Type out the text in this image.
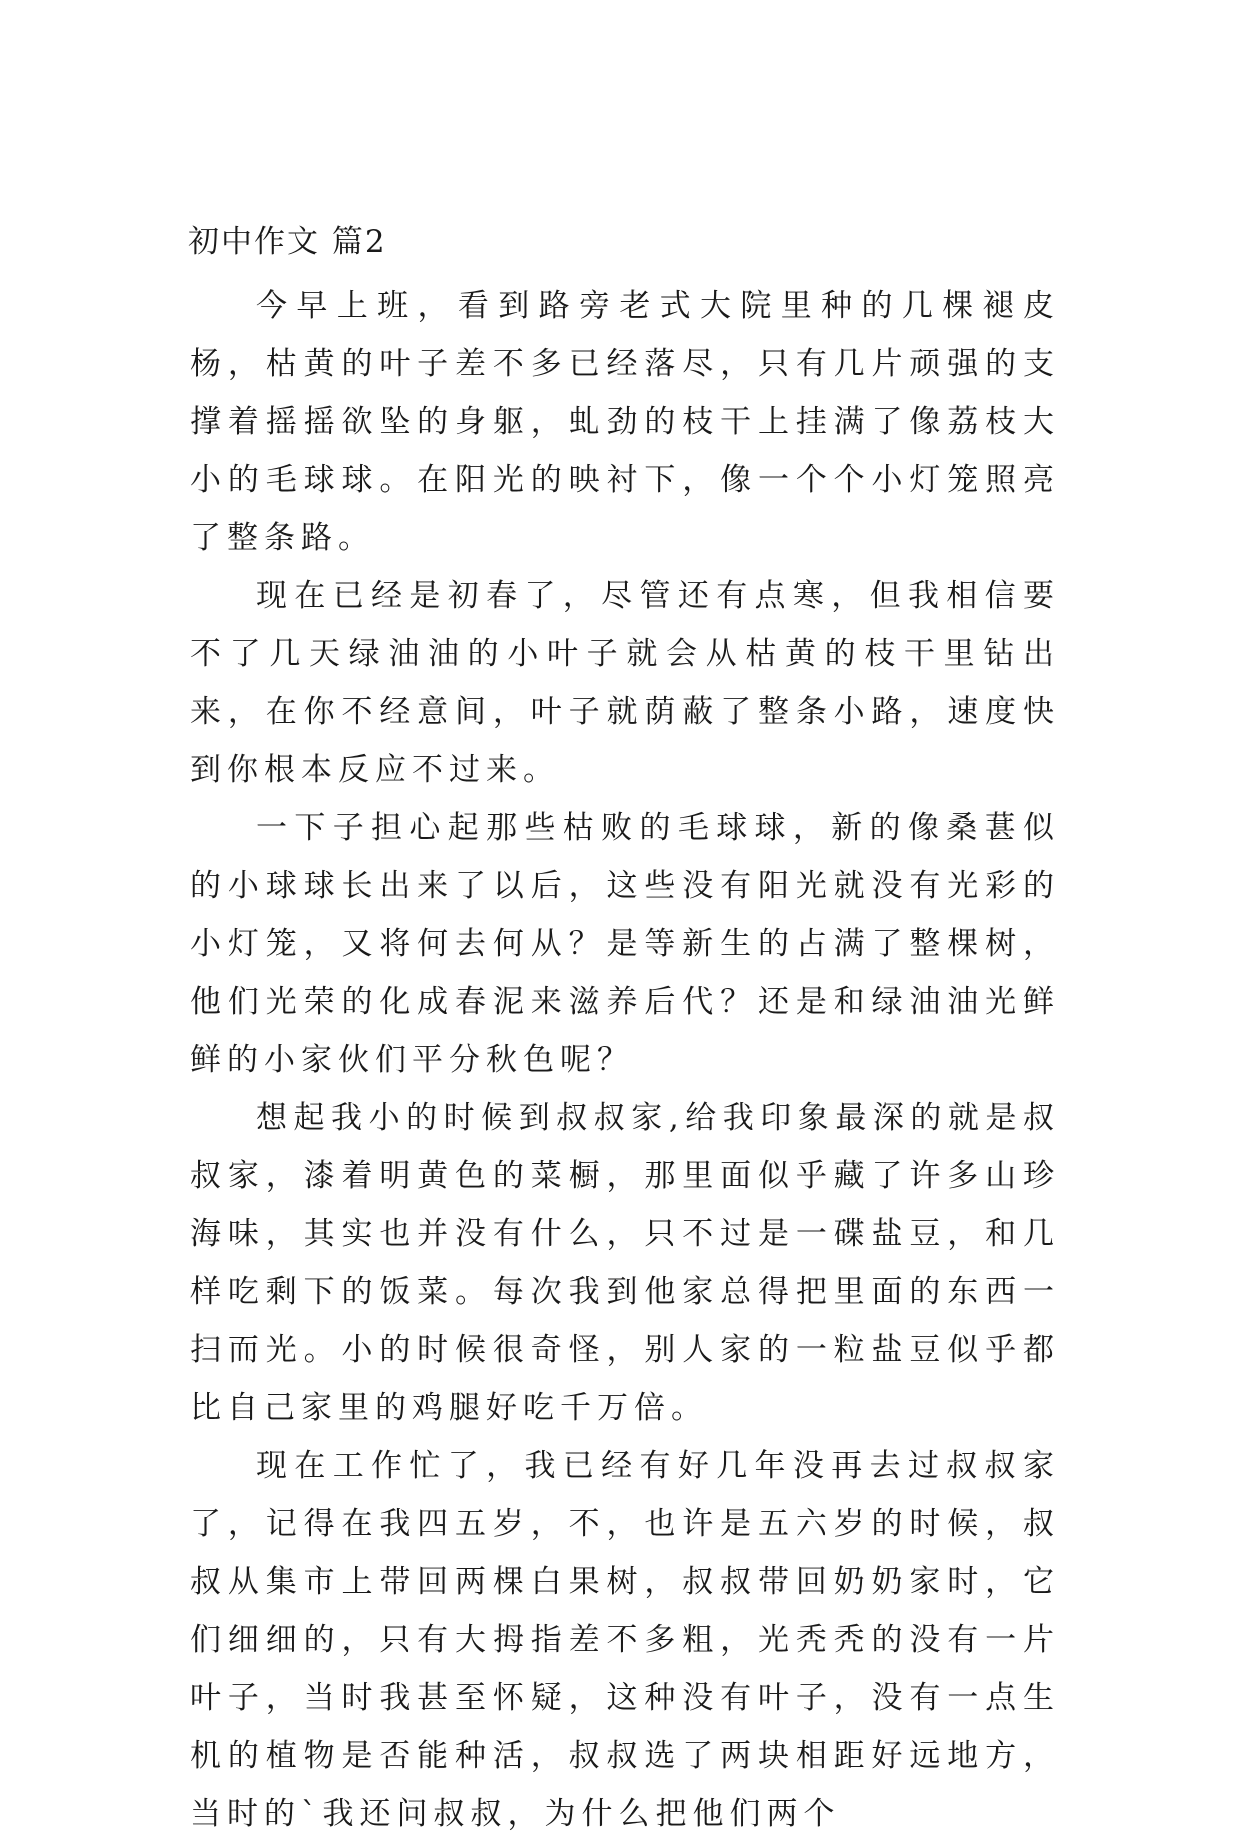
初中作文 篇2

今早上班，看到路旁老式大院里种的几棵褪皮杨，枯黄的叶子差不多已经落尽，只有几片顽强的支撑着摇摇欲坠的身躯，虬劲的枝干上挂满了像荔枝大小的毛球球。在阳光的映衬下，像一个个小灯笼照亮了整条路。

现在已经是初春了，尽管还有点寒，但我相信要不了几天绿油油的小叶子就会从枯黄的枝干里钻出来，在你不经意间，叶子就荫蔽了整条小路，速度快到你根本反应不过来。

一下子担心起那些枯败的毛球球，新的像桑葚似的小球球长出来了以后，这些没有阳光就没有光彩的小灯笼，又将何去何从？是等新生的占满了整棵树，他们光荣的化成春泥来滋养后代？还是和绿油油光鲜鲜的小家伙们平分秋色呢？

想起我小的时候到叔叔家,给我印象最深的就是叔叔家，漆着明黄色的菜橱，那里面似乎藏了许多山珍海味，其实也并没有什么，只不过是一碟盐豆，和几样吃剩下的饭菜。每次我到他家总得把里面的东西一扫而光。小的时候很奇怪，别人家的一粒盐豆似乎都比自己家里的鸡腿好吃千万倍。

现在工作忙了，我已经有好几年没再去过叔叔家了，记得在我四五岁，不，也许是五六岁的时候，叔叔从集市上带回两棵白果树，叔叔带回奶奶家时，它们细细的，只有大拇指差不多粗，光秃秃的没有一片叶子，当时我甚至怀疑，这种没有叶子，没有一点生机的植物是否能种活，叔叔选了两块相距好远地方，当时的`我还问叔叔，为什么把他们两个
